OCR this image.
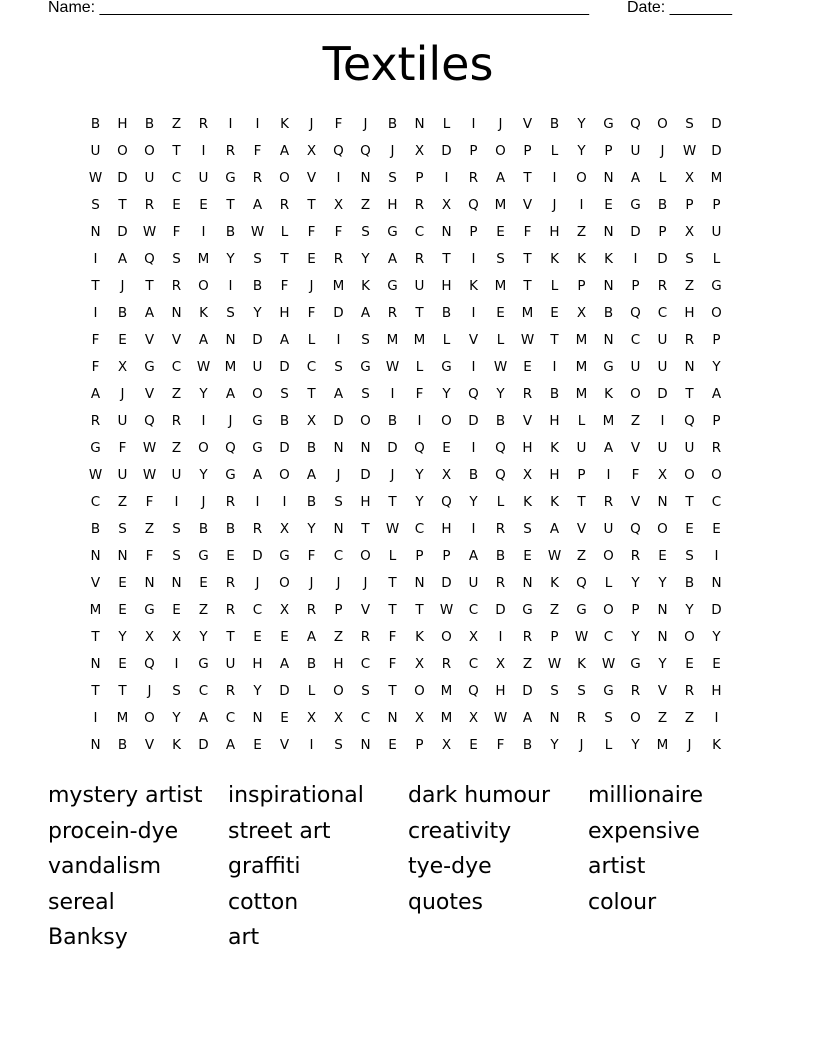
Name: _______________________________________________________ Date: _______
Textiles
B	H	B	Z	R	I	I	K	J	F	J	B	N	L	I	J	V	B	Y	G	Q	O	S	D
U	O	O	T	I	R	F	A	X	Q	Q	J	X	D	P	O	P	L	Y	P	U	J	W	D
W	D	U	C	U	G	R	O	V	I	N	S	P	I	R	A	T	I	O	N	A	L	X	M
S	T	R	E	E	T	A	R	T	X	Z	H	R	X	Q	M	V	J	I	E	G	B	P	P
N	D	W	F	I	B	W	L	F	F	S	G	C	N	P	E	F	H	Z	N	D	P	X	U
I	A	Q	S	M	Y	S	T	E	R	Y	A	R	T	I	S	T	K	K	K	I	D	S	L
T	J	T	R	O	I	B	F	J	M	K	G	U	H	K	M	T	L	P	N	P	R	Z	G
I	B	A	N	K	S	Y	H	F	D	A	R	T	B	I	E	M	E	X	B	Q	C	H	O
F	E	V	V	A	N	D	A	L	I	S	M	M	L	V	L	W	T	M	N	C	U	R	P
F	X	G	C	W	M	U	D	C	S	G	W	L	G	I	W	E	I	M	G	U	U	N	Y
A	J	V	Z	Y	A	O	S	T	A	S	I	F	Y	Q	Y	R	B	M	K	O	D	T	A
R	U	Q	R	I	J	G	B	X	D	O	B	I	O	D	B	V	H	L	M	Z	I	Q	P
G	F	W	Z	O	Q	G	D	B	N	N	D	Q	E	I	Q	H	K	U	A	V	U	U	R
W	U	W	U	Y	G	A	O	A	J	D	J	Y	X	B	Q	X	H	P	I	F	X	O	O
C	Z	F	I	J	R	I	I	B	S	H	T	Y	Q	Y	L	K	K	T	R	V	N	T	C
B	S	Z	S	B	B	R	X	Y	N	T	W	C	H	I	R	S	A	V	U	Q	O	E	E
N	N	F	S	G	E	D	G	F	C	O	L	P	P	A	B	E	W	Z	O	R	E	S	I
V	E	N	N	E	R	J	O	J	J	J	T	N	D	U	R	N	K	Q	L	Y	Y	B	N
M	E	G	E	Z	R	C	X	R	P	V	T	T	W	C	D	G	Z	G	O	P	N	Y	D
T	Y	X	X	Y	T	E	E	A	Z	R	F	K	O	X	I	R	P	W	C	Y	N	O	Y
N	E	Q	I	G	U	H	A	B	H	C	F	X	R	C	X	Z	W	K	W	G	Y	E	E
T	T	J	S	C	R	Y	D	L	O	S	T	O	M	Q	H	D	S	S	G	R	V	R	H
I	M	O	Y	A	C	N	E	X	X	C	N	X	M	X	W	A	N	R	S	O	Z	Z	I
N	B	V	K	D	A	E	V	I	S	N	E	P	X	E	F	B	Y	J	L	Y	M	J	K
mystery artist	inspirational	dark humour	millionaire
procein-dye	street art	creativity	expensive
vandalism	graffiti	tye-dye	artist
sereal	cotton	quotes	colour
Banksy	art
